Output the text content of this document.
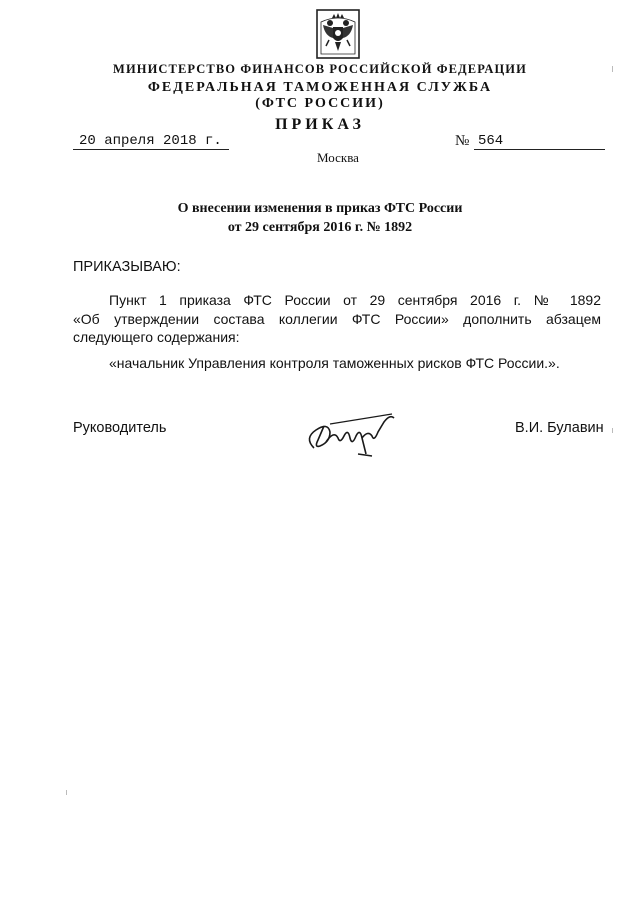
МИНИСТЕРСТВО ФИНАНСОВ РОССИЙСКОЙ ФЕДЕРАЦИИ
ФЕДЕРАЛЬНАЯ ТАМОЖЕННАЯ СЛУЖБА
(ФТС РОССИИ)
ПРИКАЗ
20 апреля 2018 г.	№ 564
Москва
О внесении изменения в приказ ФТС России
от 29 сентября 2016 г. № 1892
ПРИКАЗЫВАЮ:
Пункт 1 приказа ФТС России от 29 сентября 2016 г. № 1892
«Об утверждении состава коллегии ФТС России» дополнить абзацем
следующего содержания:
«начальник Управления контроля таможенных рисков ФТС России.».
Руководитель	В.И. Булавин
